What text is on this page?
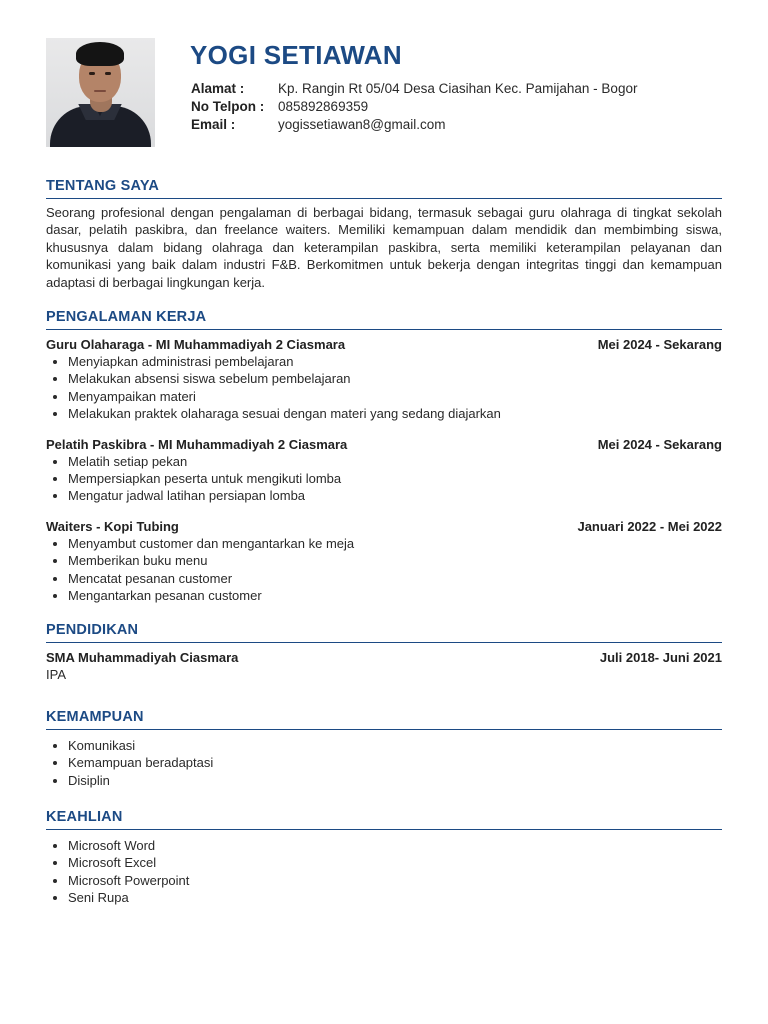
YOGI SETIAWAN
Alamat :	Kp. Rangin Rt 05/04 Desa Ciasihan Kec. Pamijahan - Bogor
No Telpon :	085892869359
Email :	yogissetiawan8@gmail.com
TENTANG SAYA

Seorang profesional dengan pengalaman di berbagai bidang, termasuk sebagai guru olahraga di tingkat sekolah dasar, pelatih paskibra, dan freelance waiters. Memiliki kemampuan dalam mendidik dan membimbing siswa, khususnya dalam bidang olahraga dan keterampilan paskibra, serta memiliki keterampilan pelayanan dan komunikasi yang baik dalam industri F&B. Berkomitmen untuk bekerja dengan integritas tinggi dan kemampuan adaptasi di berbagai lingkungan kerja.

PENGALAMAN KERJA
Guru Olaharaga - MI Muhammadiyah 2 Ciasmara	Mei 2024 - Sekarang
• Menyiapkan administrasi pembelajaran
• Melakukan absensi siswa sebelum pembelajaran
• Menyampaikan materi
• Melakukan praktek olaharaga sesuai dengan materi yang sedang diajarkan
Pelatih Paskibra - MI Muhammadiyah 2 Ciasmara	Mei 2024 - Sekarang
• Melatih setiap pekan
• Mempersiapkan peserta untuk mengikuti lomba
• Mengatur jadwal latihan persiapan lomba
Waiters - Kopi Tubing	Januari 2022 - Mei 2022
• Menyambut customer dan mengantarkan ke meja
• Memberikan buku menu
• Mencatat pesanan customer
• Mengantarkan pesanan customer
PENDIDIKAN
SMA Muhammadiyah Ciasmara	Juli 2018- Juni 2021
IPA
KEMAMPUAN
• Komunikasi
• Kemampuan beradaptasi
• Disiplin
KEAHLIAN
• Microsoft Word
• Microsoft Excel
• Microsoft Powerpoint
• Seni Rupa
